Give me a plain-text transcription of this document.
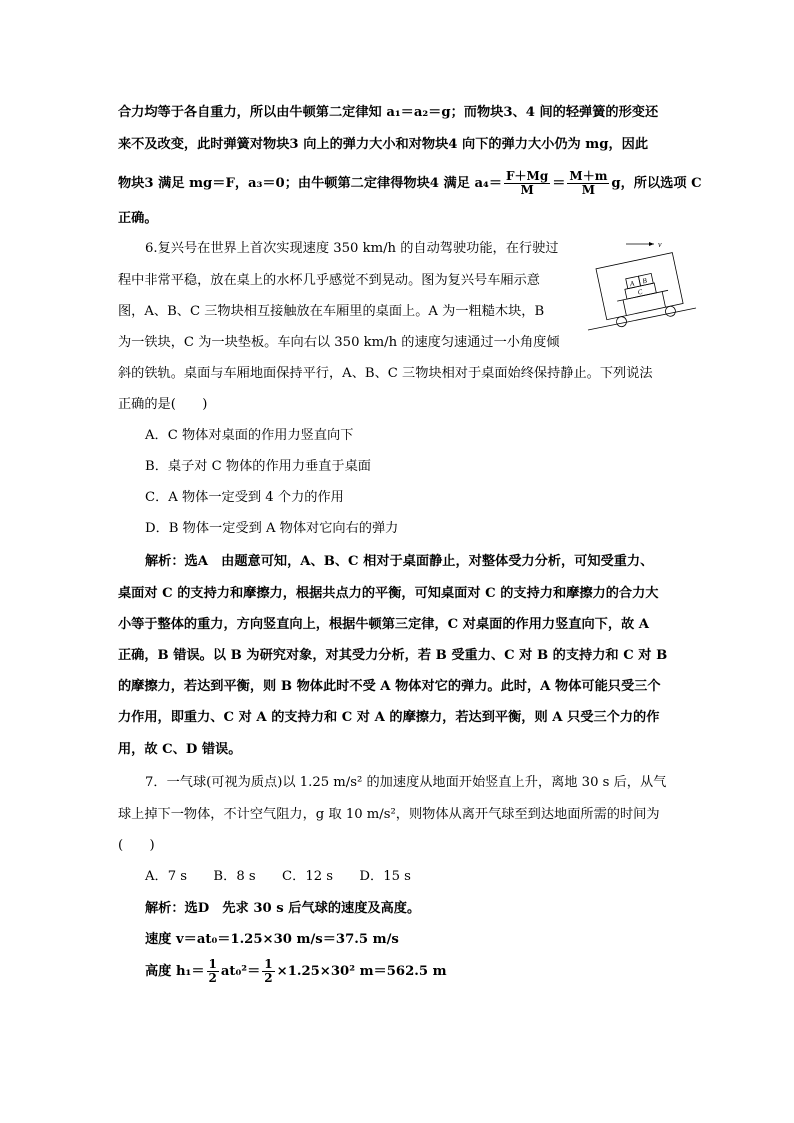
合力均等于各自重力，所以由牛顿第二定律知 a₁＝a₂＝g；而物块3、4 间的轻弹簧的形变还
来不及改变，此时弹簧对物块3 向上的弹力大小和对物块4 向下的弹力大小仍为 mg，因此
物块3 满足 mg＝F，a₃＝0；由牛顿第二定律得物块4 满足 $a_4= \frac{F+Mg}{M} = \frac{M+m}{M}$ g，所以选项 C
正确。
6.复兴号在世界上首次实现速度 350 km/h 的自动驾驶功能，在行驶过
程中非常平稳，放在桌上的水杯几乎感觉不到晃动。图为复兴号车厢示意
图，A、B、C 三物块相互接触放在车厢里的桌面上。A 为一粗糙木块，B
为一铁块，C 为一块垫板。车向右以 350 km/h 的速度匀速通过一小角度倾
斜的铁轨。桌面与车厢地面保持平行，A、B、C 三物块相对于桌面始终保持静止。下列说法
正确的是(　　)
A．C 物体对桌面的作用力竖直向下
B．桌子对 C 物体的作用力垂直于桌面
C．A 物体一定受到 4 个力的作用
D．B 物体一定受到 A 物体对它向右的弹力
v
C
A B
解析：选A　由题意可知，A、B、C 相对于桌面静止，对整体受力分析，可知受重力、
桌面对 C 的支持力和摩擦力，根据共点力的平衡，可知桌面对 C 的支持力和摩擦力的合力大
小等于整体的重力，方向竖直向上，根据牛顿第三定律，C 对桌面的作用力竖直向下，故 A
正确，B 错误。以 B 为研究对象，对其受力分析，若 B 受重力、C 对 B 的支持力和 C 对 B
的摩擦力，若达到平衡，则 B 物体此时不受 A 物体对它的弹力。此时，A 物体可能只受三个
力作用，即重力、C 对 A 的支持力和 C 对 A 的摩擦力，若达到平衡，则 A 只受三个力的作
用，故 C、D 错误。
7．一气球(可视为质点)以 1.25 m/s² 的加速度从地面开始竖直上升，离地 30 s 后，从气
球上掉下一物体，不计空气阻力，g 取 10 m/s²，则物体从离开气球至到达地面所需的时间为
(　　)
A．7 s　　B．8 s　　C．12 s　　D．15 s
解析：选D　先求 30 s 后气球的速度及高度。
速度 v＝at₀＝1.25×30 m/s＝37.5 m/s
高度 $h_1= \frac{1}{2} at_0^2= \frac{1}{2} \times 1.25\times 30^2$ m＝562.5 m
